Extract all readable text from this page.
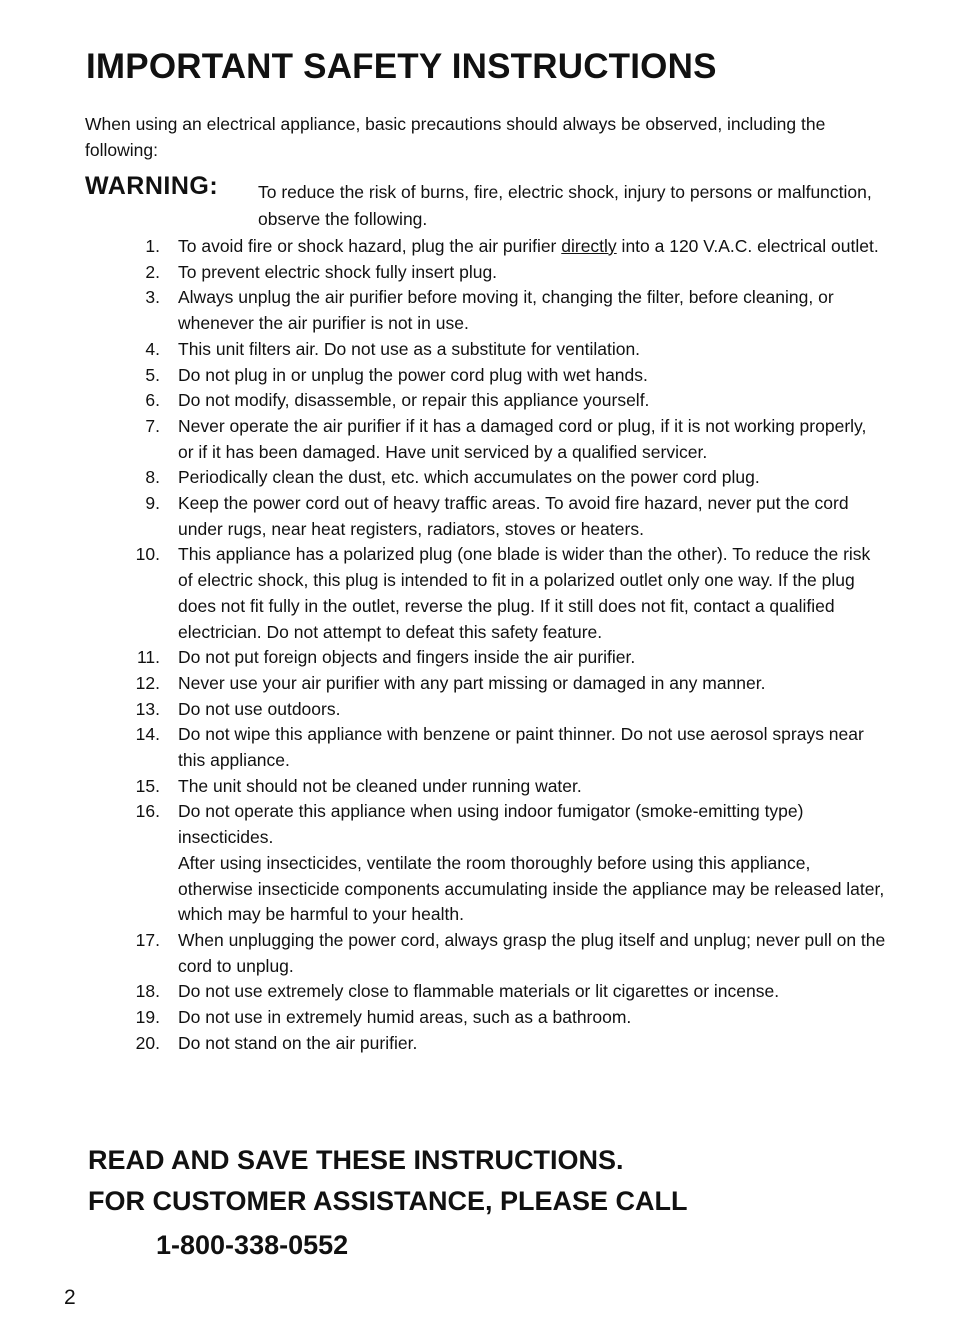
IMPORTANT SAFETY INSTRUCTIONS

When using an electrical appliance, basic precautions should always be observed, including the following:

WARNING: To reduce the risk of burns, fire, electric shock, injury to persons or malfunction, observe the following.
1. To avoid fire or shock hazard, plug the air purifier directly into a 120 V.A.C. electrical outlet.
2. To prevent electric shock fully insert plug.
3. Always unplug the air purifier before moving it, changing the filter, before cleaning, or whenever the air purifier is not in use.
4. This unit filters air. Do not use as a substitute for ventilation.
5. Do not plug in or unplug the power cord plug with wet hands.
6. Do not modify, disassemble, or repair this appliance yourself.
7. Never operate the air purifier if it has a damaged cord or plug, if it is not working properly, or if it has been damaged. Have unit serviced by a qualified servicer.
8. Periodically clean the dust, etc. which accumulates on the power cord plug.
9. Keep the power cord out of heavy traffic areas. To avoid fire hazard, never put the cord under rugs, near heat registers, radiators, stoves or heaters.
10. This appliance has a polarized plug (one blade is wider than the other). To reduce the risk of electric shock, this plug is intended to fit in a polarized outlet only one way. If the plug does not fit fully in the outlet, reverse the plug. If it still does not fit, contact a qualified electrician. Do not attempt to defeat this safety feature.
11. Do not put foreign objects and fingers inside the air purifier.
12. Never use your air purifier with any part missing or damaged in any manner.
13. Do not use outdoors.
14. Do not wipe this appliance with benzene or paint thinner. Do not use aerosol sprays near this appliance.
15. The unit should not be cleaned under running water.
16. Do not operate this appliance when using indoor fumigator (smoke-emitting type) insecticides.

After using insecticides, ventilate the room thoroughly before using this appliance, otherwise insecticide components accumulating inside the appliance may be released later, which may be harmful to your health.

17. When unplugging the power cord, always grasp the plug itself and unplug; never pull on the cord to unplug.
18. Do not use extremely close to flammable materials or lit cigarettes or incense.
19. Do not use in extremely humid areas, such as a bathroom.
20. Do not stand on the air purifier.
READ AND SAVE THESE INSTRUCTIONS.
FOR CUSTOMER ASSISTANCE, PLEASE CALL
1-800-338-0552
2
